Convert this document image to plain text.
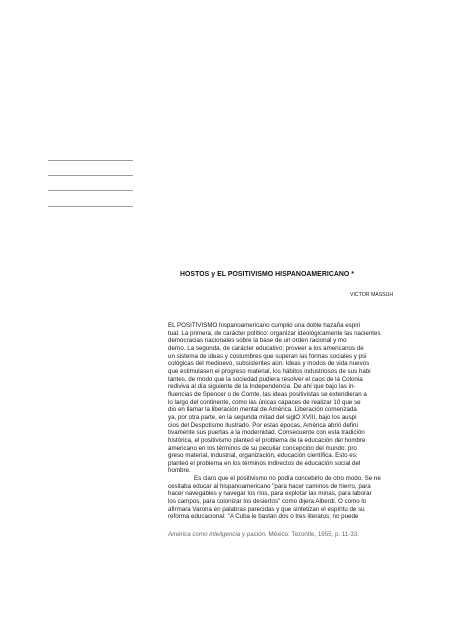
HOSTOS y EL POSITIVISMO HISPANOAMERICANO *
VICTOR MASSUH
EL POSITIVISMO hispanoamericano cumplió una doble hazaña espiri
tual. La primera, de carácter político: organizar ideológicamente las nacientes
democracias nacionales sobre la base de un orden racional y mo
derno. La segunda, de carácter educativo: proveer a los americanos de
un sistema de ideas y costumbres que superan las formas sociales y psi
cológicas del medioevo, subsistentes aún. Ideas y modos de vida nuevos
que estimulasen el progreso material, los hábitos industriosos de sus habi
tantes, de modo que la sociedad pudiera resolver el caos de la Colonia
rediviva al día siguiente de la Independencia. De ahí que bajo las in-
fluencias de Spencer o de Comte, las ideas positivistas se extendieran a
lo largo del continente, como las únicas capaces de realizar 10 que se
dio en llamar la liberación mental de América. Liberación comenzada
ya, por otra parte, en la segunda mitad del siglO XVIII, bajo los auspi
cios del Despotismo Ilustrado. Por estas épocas, América abrió defini
tivamente sus puertas a la modernidad. Consecuente con esta tradición
histórica, el positivismo planteó el problema de la educación del hombre
americano en los términos de su peculiar concepción del mundo: pro
greso material, industrial, organización, educación científica. Esto es:
planteó el problema en los términos indirectos de educación social del
hombre.
Es claro que el positivismo no podía concebirlo de otro modo. Se ne
cesitaba educar al hispanoamericano "para hacer caminos de hierro, para
hacer navegables y navegar los ríos, para explotar las minas, para laborar
los campos, para colonizar los desiertos" como dijera Alberdi. O como lo
afirmara Varona en palabras parecidas y que sintetizan el espíritu de su
reforma educacional: "A Cuba le bastan dos o tres literatos; no puede
América como inteligencia y pasión. México: Tezontle, 1955, p. 11-33.
